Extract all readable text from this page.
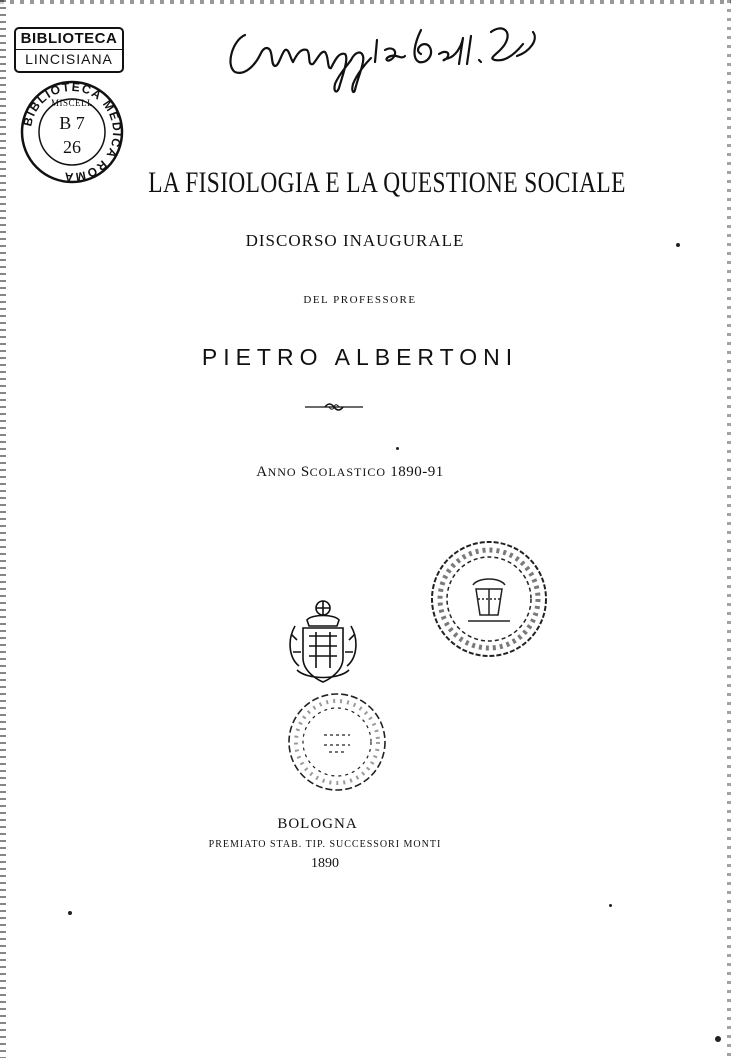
BIBLIOTECA
LINCISIANA
BIBLIOTECA MEDICA ROMA
MISCELL
B 7
26
LA FISIOLOGIA E LA QUESTIONE SOCIALE
DISCORSO INAUGURALE
DEL PROFESSORE
PIETRO ALBERTONI
ANNO SCOLASTICO 1890-91
BOLOGNA
PREMIATO STAB. TIP. SUCCESSORI MONTI
1890
